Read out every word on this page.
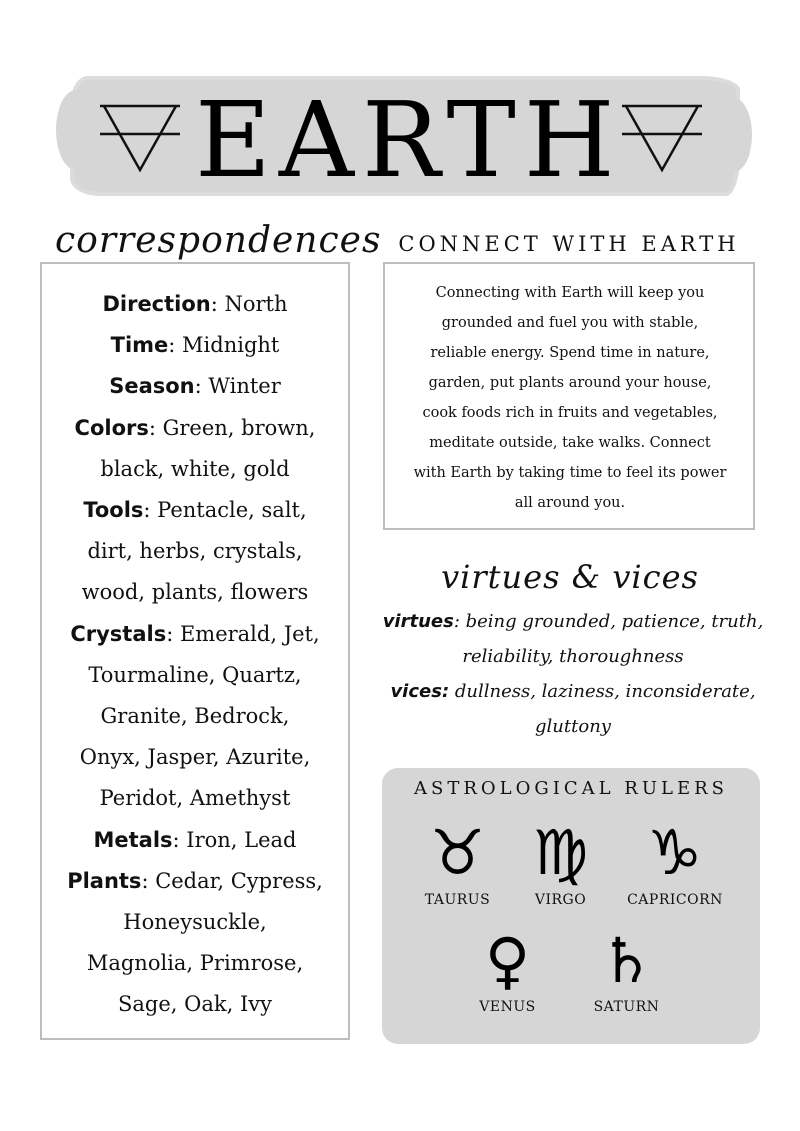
EARTH
correspondences
Direction: North
Time: Midnight
Season: Winter
Colors: Green, brown,
black, white, gold
Tools: Pentacle, salt,
dirt, herbs, crystals,
wood, plants, flowers
Crystals: Emerald, Jet,
Tourmaline, Quartz,
Granite, Bedrock,
Onyx, Jasper, Azurite,
Peridot, Amethyst
Metals: Iron, Lead
Plants: Cedar, Cypress,
Honeysuckle,
Magnolia, Primrose,
Sage, Oak, Ivy
CONNECT WITH EARTH
Connecting with Earth will keep you
grounded and fuel you with stable,
reliable energy. Spend time in nature,
garden, put plants around your house,
cook foods rich in fruits and vegetables,
meditate outside, take walks. Connect
with Earth by taking time to feel its power
all around you.
virtues & vices
virtues: being grounded, patience, truth,
reliability, thoroughness
vices: dullness, laziness, inconsiderate,
gluttony
ASTROLOGICAL RULERS
♉
TAURUS
♍
VIRGO
♑
CAPRICORN
♀
VENUS
♄
SATURN
